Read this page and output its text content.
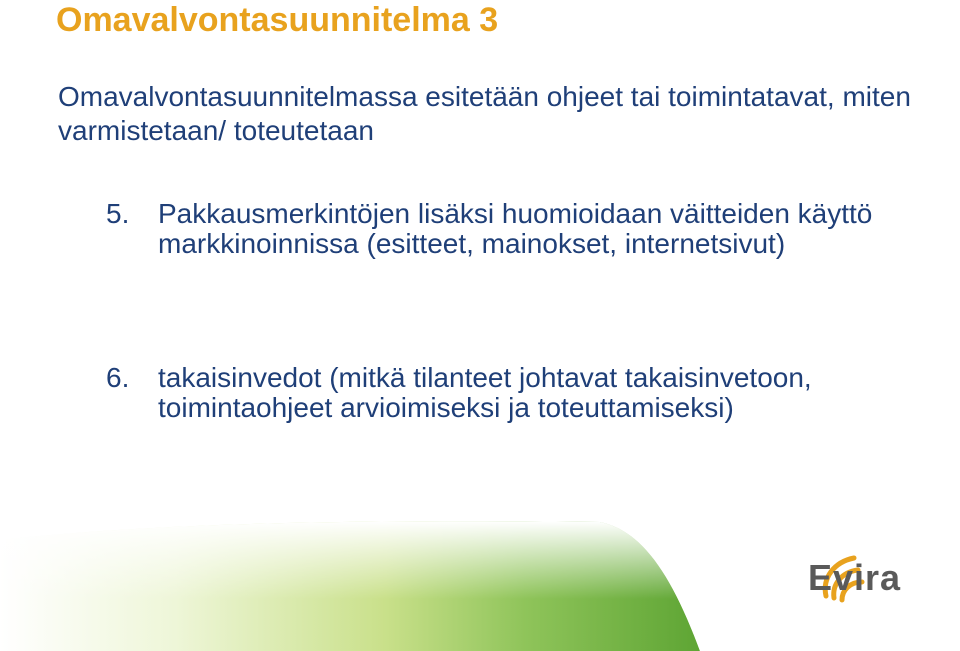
Omavalvontasuunnitelma 3
Omavalvontasuunnitelmassa esitetään ohjeet tai toimintatavat, miten varmistetaan/ toteutetaan
5.	Pakkausmerkintöjen lisäksi huomioidaan väitteiden käyttö markkinoinnissa (esitteet, mainokset, internetsivut)
6.	takaisinvedot (mitkä tilanteet johtavat takaisinvetoon, toimintaohjeet arvioimiseksi ja toteuttamiseksi)
Evira
